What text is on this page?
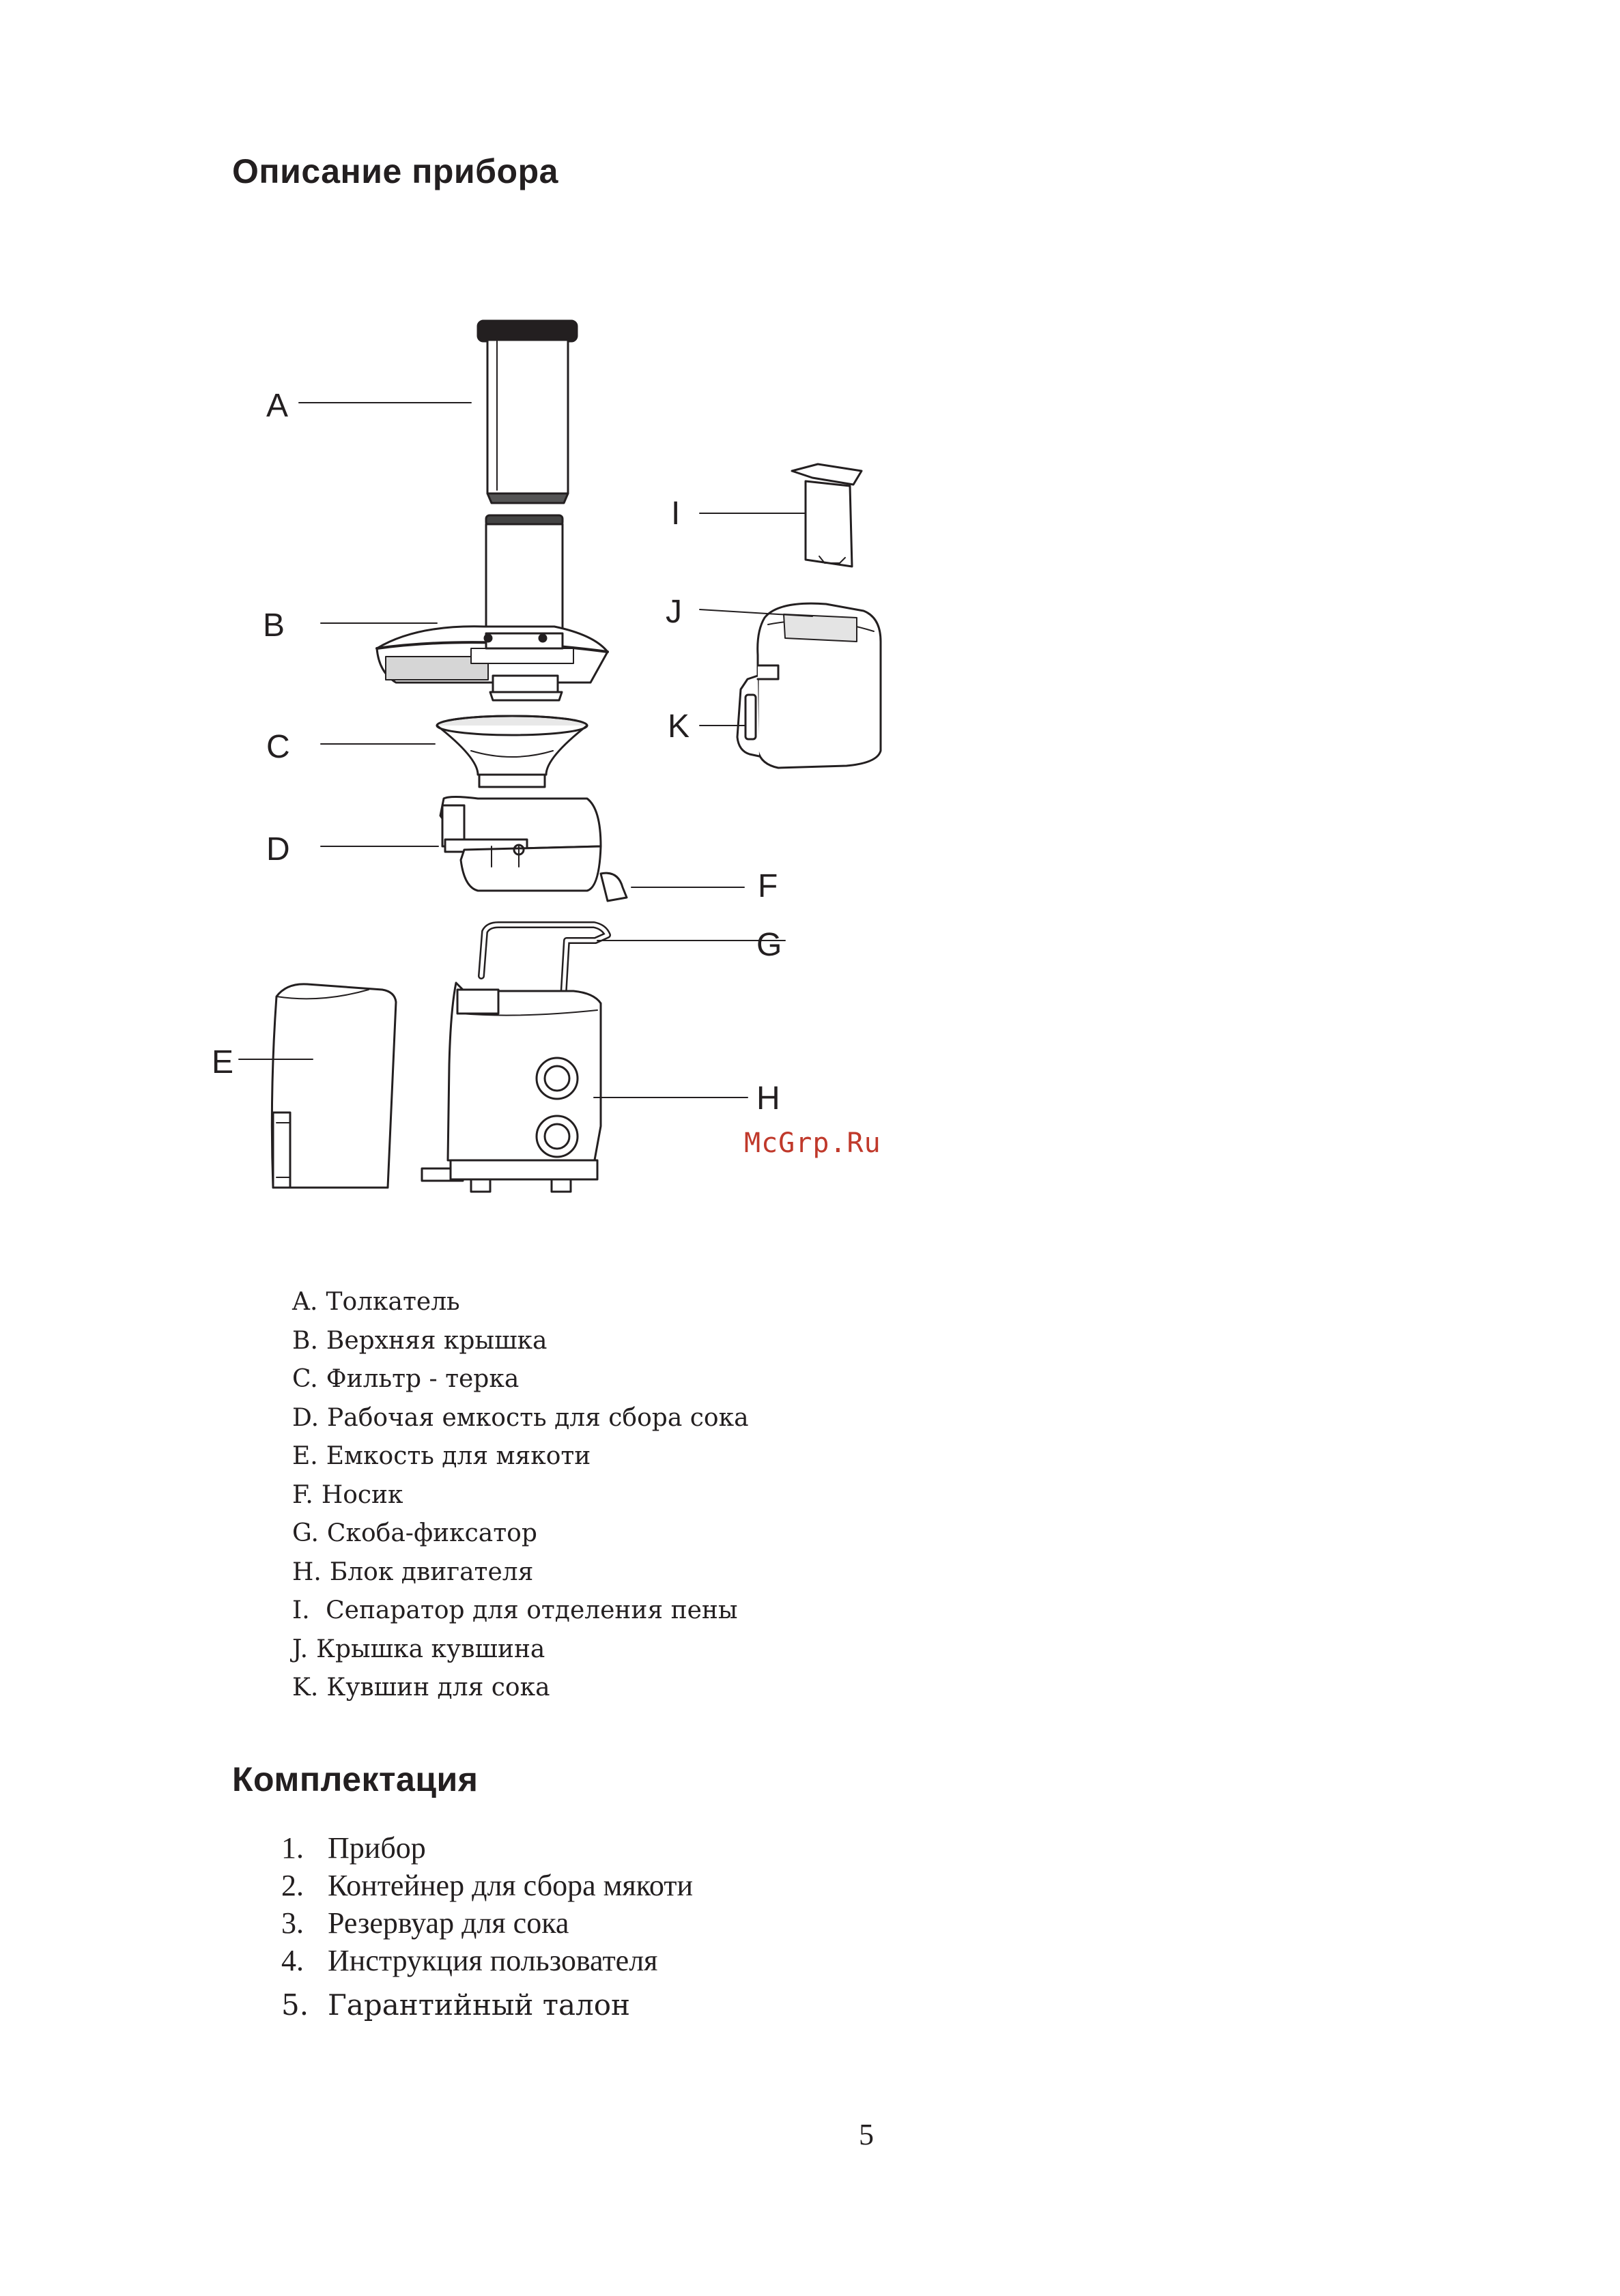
Описание прибора
A
B
C
D
E
F
G
H
I
J
K
McGrp.Ru
A. Толкатель
B. Верхняя крышка
C. Фильтр - терка
D. Рабочая емкость для сбора сока
E. Емкость для мякоти
F. Носик
G. Скоба-фиксатор
H. Блок двигателя
I. Сепаратор для отделения пены
J. Крышка кувшина
K. Кувшин для сока
Комплектация
1. Прибор
2. Контейнер для сбора мякоти
3. Резервуар для сока
4. Инструкция пользователя
5. Гарантийный талон
5
